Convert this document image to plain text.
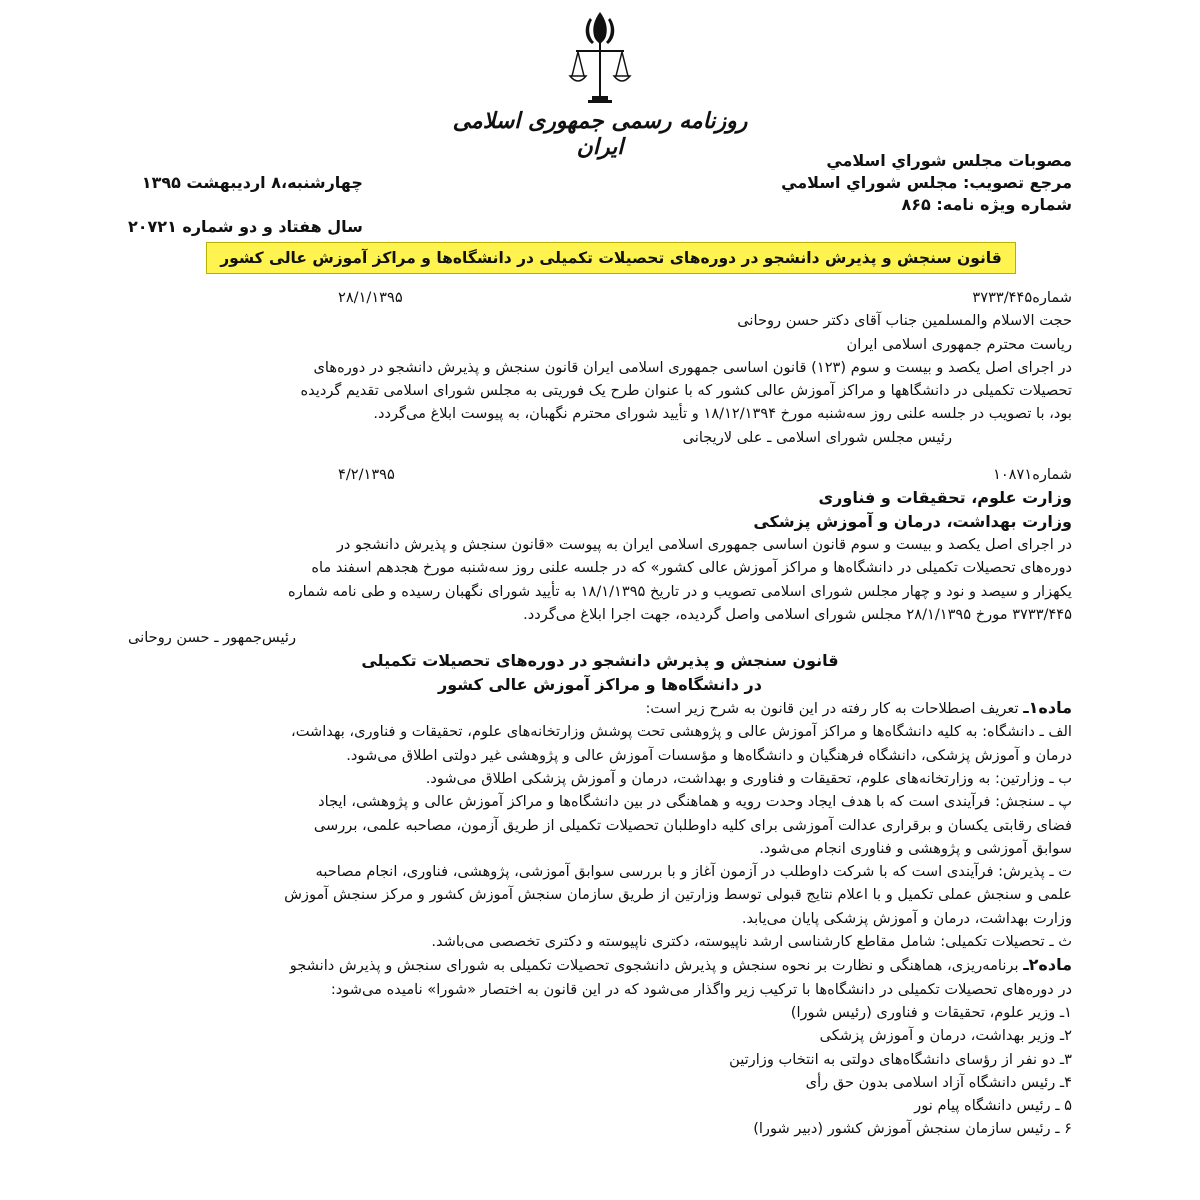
روزنامه رسمی جمهوری اسلامی ایران
مصوبات مجلس شوراي اسلامي
مرجع تصویب: مجلس شوراي اسلامي
شماره ویژه نامه: ۸۶۵
چهارشنبه،۸ اردیبهشت ۱۳۹۵
سال هفتاد و دو شماره ۲۰۷۲۱
قانون سنجش و پذیرش دانشجو در دوره‌های تحصیلات تکمیلی در دانشگاه‌ها و مراکز آموزش عالی کشور
شماره۳۷۳۳/۴۴۵
۲۸/۱/۱۳۹۵
حجت الاسلام والمسلمین جناب آقای دکتر حسن روحانی
ریاست محترم جمهوری اسلامی ایران
در اجرای اصل یکصد و بیست و سوم (۱۲۳) قانون اساسی جمهوری اسلامی ایران قانون سنجش و پذیرش دانشجو در دوره‌های
تحصیلات تکمیلی در دانشگاهها و مراکز آموزش عالی کشور که با عنوان طرح یک فوریتی به مجلس شورای اسلامی تقدیم گردیده
بود، با تصویب در جلسه علنی روز سه‌شنبه مورخ ۱۸/۱۲/۱۳۹۴ و تأیید شورای محترم نگهبان، به پیوست ابلاغ می‌گردد.
رئیس مجلس شورای اسلامی ـ علی لاریجانی
شماره۱۰۸۷۱
۴/۲/۱۳۹۵
وزارت علوم، تحقیقات و فناوری
وزارت بهداشت، درمان و آموزش پزشکی
در اجرای اصل یکصد و بیست و سوم قانون اساسی جمهوری اسلامی ایران به پیوست «قانون سنجش و پذیرش دانشجو در
دوره‌های تحصیلات تکمیلی در دانشگاه‌ها و مراکز آموزش عالی کشور» که در جلسه علنی روز سه‌شنبه مورخ هجدهم اسفند ماه
یکهزار و سیصد و نود و چهار مجلس شورای اسلامی تصویب و در تاریخ ۱۸/۱/۱۳۹۵ به تأیید شورای نگهبان رسیده و طی نامه شماره
۳۷۳۳/۴۴۵ مورخ ۲۸/۱/۱۳۹۵ مجلس شورای اسلامی واصل گردیده، جهت اجرا ابلاغ می‌گردد.
رئیس‌جمهور ـ حسن روحانی
قانون سنجش و پذیرش دانشجو در دوره‌های تحصیلات تکمیلی
در دانشگاه‌ها و مراکز آموزش عالی کشور
ماده۱ـ تعریف اصطلاحات به کار رفته در این قانون به شرح زیر است:
الف ـ دانشگاه: به کلیه دانشگاه‌ها و مراکز آموزش عالی و پژوهشی تحت پوشش وزارتخانه‌های علوم، تحقیقات و فناوری، بهداشت،
درمان و آموزش پزشکی، دانشگاه فرهنگیان و دانشگاه‌ها و مؤسسات آموزش عالی و پژوهشی غیر دولتی اطلاق می‌شود.
ب ـ وزارتین: به وزارتخانه‌های علوم، تحقیقات و فناوری و بهداشت، درمان و آموزش پزشکی اطلاق می‌شود.
پ ـ سنجش: فرآیندی است که با هدف ایجاد وحدت رویه و هماهنگی در بین دانشگاه‌ها و مراکز آموزش عالی و پژوهشی، ایجاد
فضای رقابتی یکسان و برقراری عدالت آموزشی برای کلیه داوطلبان تحصیلات تکمیلی از طریق آزمون، مصاحبه علمی، بررسی
سوابق آموزشی و پژوهشی و فناوری انجام می‌شود.
ت ـ پذیرش: فرآیندی است که با شرکت داوطلب در آزمون آغاز و با بررسی سوابق آموزشی، پژوهشی، فناوری، انجام مصاحبه
علمی و سنجش عملی تکمیل و با اعلام نتایج قبولی توسط وزارتین از طریق سازمان سنجش آموزش کشور و مرکز سنجش آموزش
وزارت بهداشت، درمان و آموزش پزشکی پایان می‌یابد.
ث ـ تحصیلات تکمیلی: شامل مقاطع کارشناسی ارشد ناپیوسته، دکتری ناپیوسته و دکتری تخصصی می‌باشد.
ماده۲ـ برنامه‌ریزی، هماهنگی و نظارت بر نحوه سنجش و پذیرش دانشجوی تحصیلات تکمیلی به شورای سنجش و پذیرش دانشجو
در دوره‌های تحصیلات تکمیلی در دانشگاه‌ها با ترکیب زیر واگذار می‌شود که در این قانون به اختصار «شورا» نامیده می‌شود:
۱ـ وزیر علوم، تحقیقات و فناوری (رئیس شورا)
۲ـ وزیر بهداشت، درمان و آموزش پزشکی
۳ـ دو نفر از رؤسای دانشگاه‌های دولتی به انتخاب وزارتین
۴ـ رئیس دانشگاه آزاد اسلامی بدون حق رأی
۵ ـ رئیس دانشگاه پیام نور
۶ ـ رئیس سازمان سنجش آموزش کشور (دبیر شورا)
